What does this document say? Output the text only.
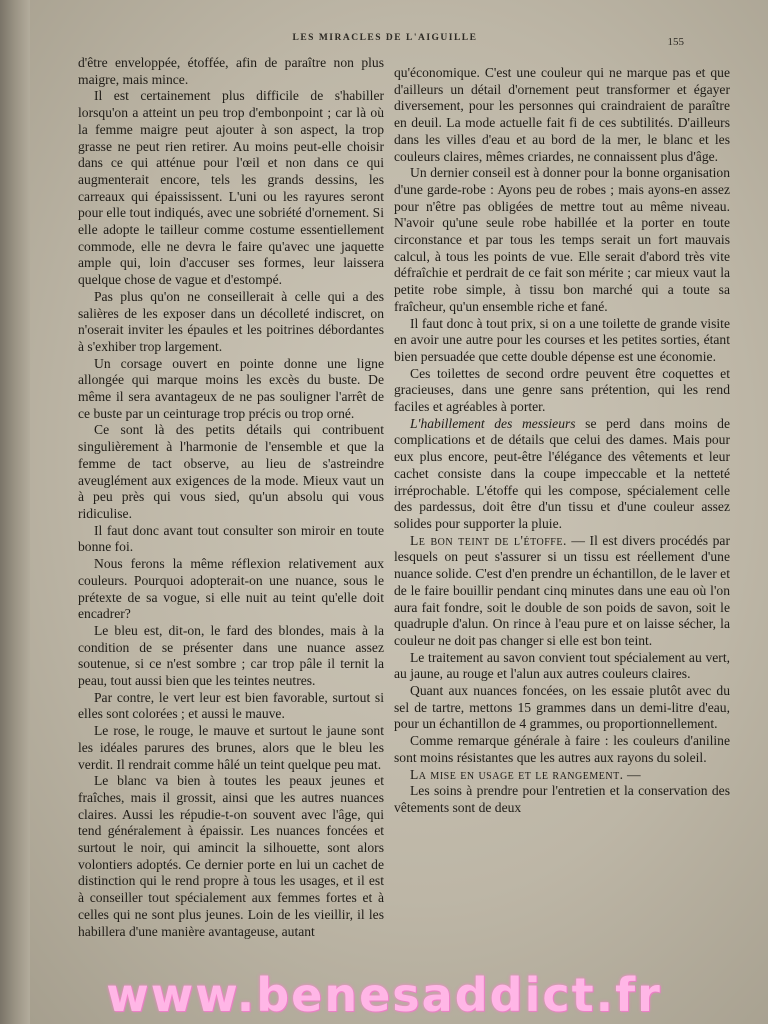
LES MIRACLES DE L'AIGUILLE	155

d'être enveloppée, étoffée, afin de paraître non plus maigre, mais mince.

Il est certainement plus difficile de s'habiller lorsqu'on a atteint un peu trop d'embonpoint ; car là où la femme maigre peut ajouter à son aspect, la trop grasse ne peut rien retirer. Au moins peut-elle choisir dans ce qui atténue pour l'œil et non dans ce qui augmenterait encore, tels les grands dessins, les carreaux qui épaississent. L'uni ou les rayures seront pour elle tout indiqués, avec une sobriété d'ornement. Si elle adopte le tailleur comme costume essentiellement commode, elle ne devra le faire qu'avec une jaquette ample qui, loin d'accuser ses formes, leur laissera quelque chose de vague et d'estompé.

Pas plus qu'on ne conseillerait à celle qui a des salières de les exposer dans un décolleté indiscret, on n'oserait inviter les épaules et les poitrines débordantes à s'exhiber trop largement.

Un corsage ouvert en pointe donne une ligne allongée qui marque moins les excès du buste. De même il sera avantageux de ne pas souligner l'arrêt de ce buste par un ceinturage trop précis ou trop orné.

Ce sont là des petits détails qui contribuent singulièrement à l'harmonie de l'ensemble et que la femme de tact observe, au lieu de s'astreindre aveuglément aux exigences de la mode. Mieux vaut un à peu près qui vous sied, qu'un absolu qui vous ridiculise.

Il faut donc avant tout consulter son miroir en toute bonne foi.

Nous ferons la même réflexion relativement aux couleurs. Pourquoi adopterait-on une nuance, sous le prétexte de sa vogue, si elle nuit au teint qu'elle doit encadrer?

Le bleu est, dit-on, le fard des blondes, mais à la condition de se présenter dans une nuance assez soutenue, si ce n'est sombre ; car trop pâle il ternit la peau, tout aussi bien que les teintes neutres.

Par contre, le vert leur est bien favorable, surtout si elles sont colorées ; et aussi le mauve.

Le rose, le rouge, le mauve et surtout le jaune sont les idéales parures des brunes, alors que le bleu les verdit. Il rendrait comme hâlé un teint quelque peu mat.

Le blanc va bien à toutes les peaux jeunes et fraîches, mais il grossit, ainsi que les autres nuances claires. Aussi les répudie-t-on souvent avec l'âge, qui tend généralement à épaissir. Les nuances foncées et surtout le noir, qui amincit la silhouette, sont alors volontiers adoptés. Ce dernier porte en lui un cachet de distinction qui le rend propre à tous les usages, et il est à conseiller tout spécialement aux femmes fortes et à celles qui ne sont plus jeunes. Loin de les vieillir, il les habillera d'une manière avantageuse, autant

qu'économique. C'est une couleur qui ne marque pas et que d'ailleurs un détail d'ornement peut transformer et égayer diversement, pour les personnes qui craindraient de paraître en deuil. La mode actuelle fait fi de ces subtilités. D'ailleurs dans les villes d'eau et au bord de la mer, le blanc et les couleurs claires, mêmes criardes, ne connaissent plus d'âge.

Un dernier conseil est à donner pour la bonne organisation d'une garde-robe : Ayons peu de robes ; mais ayons-en assez pour n'être pas obligées de mettre tout au même niveau. N'avoir qu'une seule robe habillée et la porter en toute circonstance et par tous les temps serait un fort mauvais calcul, à tous les points de vue. Elle serait d'abord très vite défraîchie et perdrait de ce fait son mérite ; car mieux vaut la petite robe simple, à tissu bon marché qui a toute sa fraîcheur, qu'un ensemble riche et fané.

Il faut donc à tout prix, si on a une toilette de grande visite en avoir une autre pour les courses et les petites sorties, étant bien persuadée que cette double dépense est une économie.

Ces toilettes de second ordre peuvent être coquettes et gracieuses, dans une genre sans prétention, qui les rend faciles et agréables à porter.

L'habillement des messieurs se perd dans moins de complications et de détails que celui des dames. Mais pour eux plus encore, peut-être l'élégance des vêtements et leur cachet consiste dans la coupe impeccable et la netteté irréprochable. L'étoffe qui les compose, spécialement celle des pardessus, doit être d'un tissu et d'une couleur assez solides pour supporter la pluie.

Le bon teint de l'étoffe. — Il est divers procédés par lesquels on peut s'assurer si un tissu est réellement d'une nuance solide. C'est d'en prendre un échantillon, de le laver et de le faire bouillir pendant cinq minutes dans une eau où l'on aura fait fondre, soit le double de son poids de savon, soit le quadruple d'alun. On rince à l'eau pure et on laisse sécher, la couleur ne doit pas changer si elle est bon teint.

Le traitement au savon convient tout spécialement au vert, au jaune, au rouge et l'alun aux autres couleurs claires.

Quant aux nuances foncées, on les essaie plutôt avec du sel de tartre, mettons 15 grammes dans un demi-litre d'eau, pour un échantillon de 4 grammes, ou proportionnellement.

Comme remarque générale à faire : les couleurs d'aniline sont moins résistantes que les autres aux rayons du soleil.

La mise en usage et le rangement. —

Les soins à prendre pour l'entretien et la conservation des vêtements sont de deux

www.benesaddict.fr
